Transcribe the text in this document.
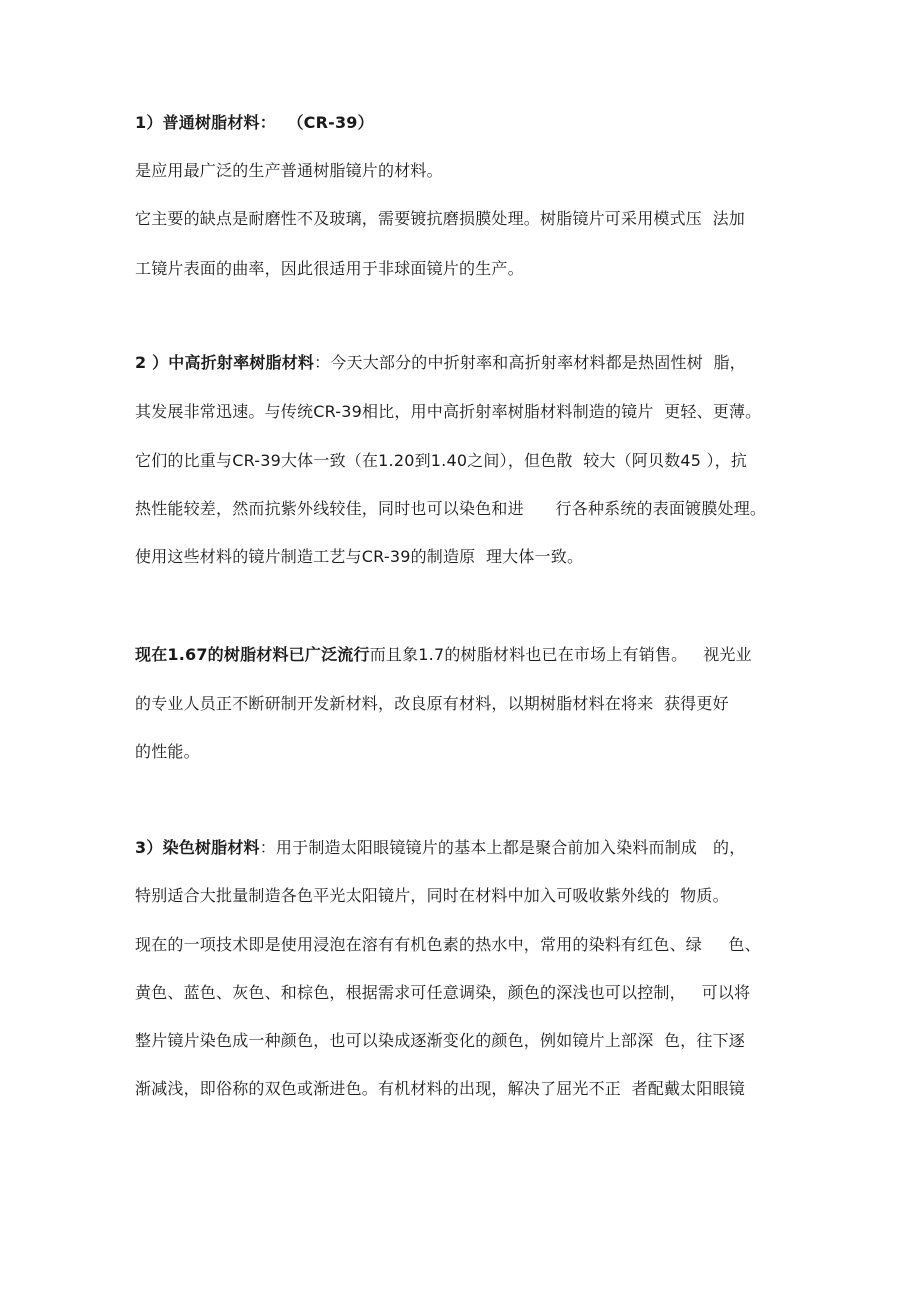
1）普通树脂材料：  （CR-39）
是应用最广泛的生产普通树脂镜片的材料。
它主要的缺点是耐磨性不及玻璃，需要镀抗磨损膜处理。树脂镜片可采用模式压  法加
工镜片表面的曲率，因此很适用于非球面镜片的生产。
2 ）中高折射率树脂材料：今天大部分的中折射率和高折射率材料都是热固性树  脂，
其发展非常迅速。与传统CR-39相比，用中高折射率树脂材料制造的镜片  更轻、更薄。
它们的比重与CR-39大体一致（在1.20到1.40之间），但色散  较大（阿贝数45 ），抗
热性能较差，然而抗紫外线较佳，同时也可以染色和进      行各种系统的表面镀膜处理。
使用这些材料的镜片制造工艺与CR-39的制造原  理大体一致。
现在1.67的树脂材料已广泛流行而且象1.7的树脂材料也已在市场上有销售。   视光业
的专业人员正不断研制开发新材料，改良原有材料，以期树脂材料在将来  获得更好
的性能。
3）染色树脂材料：用于制造太阳眼镜镜片的基本上都是聚合前加入染料而制成   的，
特别适合大批量制造各色平光太阳镜片，同时在材料中加入可吸收紫外线的  物质。
现在的一项技术即是使用浸泡在溶有有机色素的热水中，常用的染料有红色、绿     色、
黄色、蓝色、灰色、和棕色，根据需求可任意调染，颜色的深浅也可以控制，   可以将
整片镜片染色成一种颜色，也可以染成逐渐变化的颜色，例如镜片上部深  色，往下逐
渐减浅，即俗称的双色或渐进色。有机材料的出现，解决了屈光不正  者配戴太阳眼镜
